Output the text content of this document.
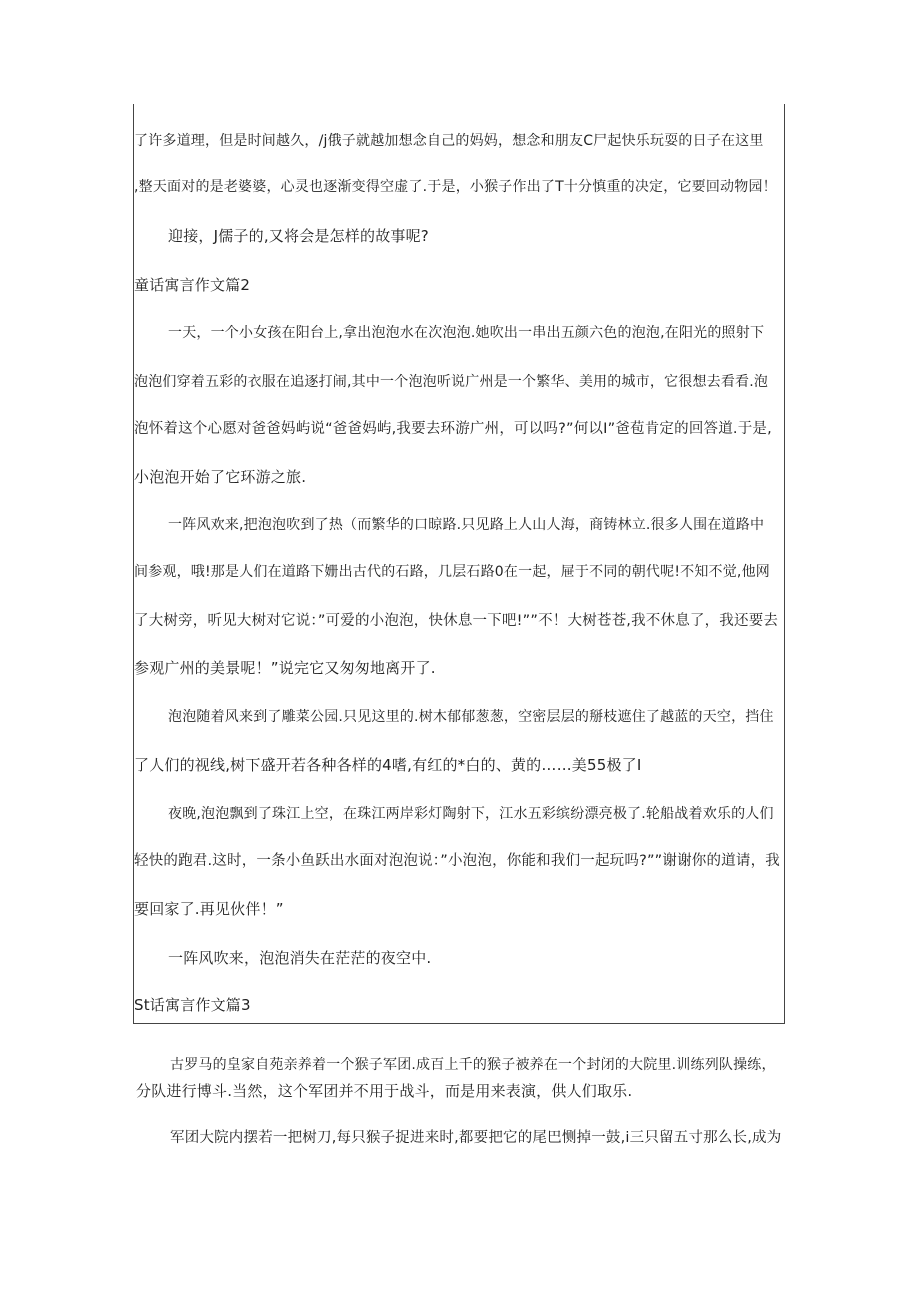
了许多道理，但是时间越久，/j俄子就越加想念自己的妈妈，想念和朋友C尸起快乐玩耍的日子在这里
,整天面对的是老婆婆，心灵也逐渐变得空虚了.于是，小猴子作出了T十分慎重的决定，它要回动物园！
迎接，J儒子的,又将会是怎样的故事呢?
童话寓言作文篇2
一天，一个小女孩在阳台上,拿出泡泡水在次泡泡.她吹出一串出五颜六色的泡泡,在阳光的照射下
泡泡们穿着五彩的衣服在追逐打闹,其中一个泡泡听说广州是一个繁华、美用的城市，它很想去看看.泡
泡怀着这个心愿对爸爸妈屿说“爸爸妈屿,我要去环游广州，可以吗?”何以I”爸苞肯定的回答道.于是,
小泡泡开始了它环游之旅.
一阵风欢来,把泡泡吹到了热（而繁华的口晾路.只见路上人山人海，商铸林立.很多人围在道路中
间参观，哦!那是人们在道路下姗出古代的石路，几层石路0在一起，屉于不同的朝代呢!不知不觉,他网
了大树旁，听见大树对它说：”可爱的小泡泡，快休息一下吧!””不！大树苍苍,我不休息了，我还要去
参观广州的美景呢！”说完它又匆匆地离开了.
泡泡随着风来到了雕菜公园.只见这里的.树木郁郁葱葱，空密层层的掰枝遮住了越蓝的天空，挡住
了人们的视线,树下盛开若各种各样的4嗜,有红的*白的、黄的……美55极了I
夜晚,泡泡飘到了珠江上空，在珠江两岸彩灯陶射下，江水五彩缤纷漂亮极了.轮船战着欢乐的人们
轻快的跑君.这时，一条小鱼跃出水面对泡泡说：”小泡泡，你能和我们一起玩吗?””谢谢你的道请，我
要回家了.再见伙伴！”
一阵风吹来，泡泡消失在茫茫的夜空中.
St话寓言作文篇3
古罗马的皇家自苑亲养着一个猴子军团.成百上千的猴子被养在一个封闭的大院里.训练列队操练，
分队进行博斗.当然，这个军团并不用于战斗，而是用来表演，供人们取乐.
军团大院内摆若一把树刀,每只猴子捉进来时,都要把它的尾巴恻掉一鼓,i三只留五寸那么长,成为
